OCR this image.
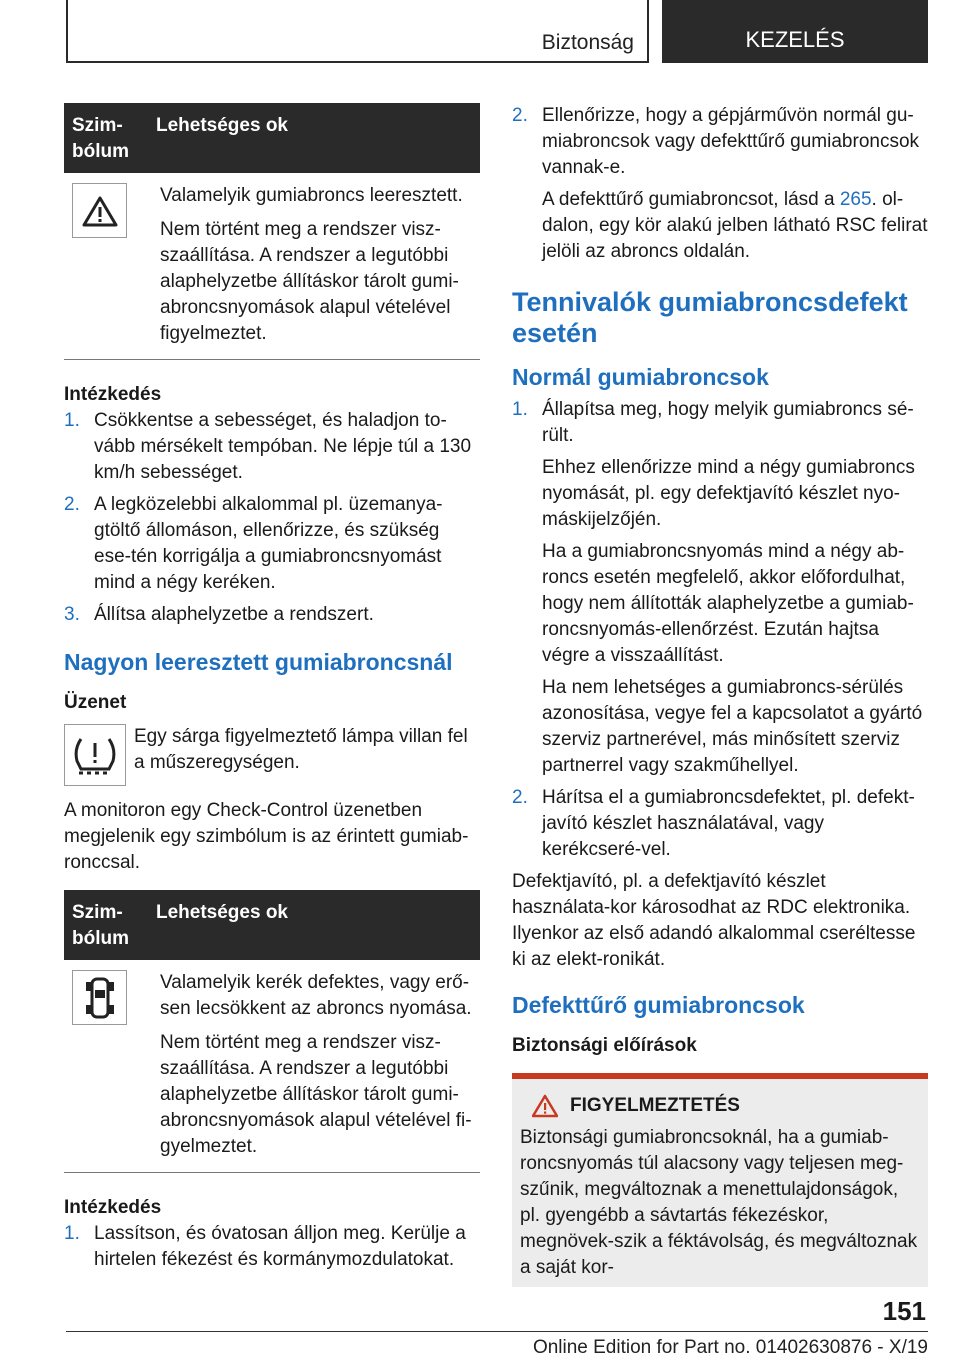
Biztonság	KEZELÉS
Szim-
bólum
Lehetséges ok

Valamelyik gumiabroncs leeresztett.

Nem történt meg a rendszer visz-szaállítása. A rendszer a legutóbbi alaphelyzetbe állításkor tárolt gumi-abroncsnyomások alapul vételével figyelmeztet.

Intézkedés

1. Csökkentse a sebességet, és haladjon to-vább mérsékelt tempóban. Ne lépje túl a 130 km/h sebességet.

2. A legközelebbi alkalommal pl. üzemanya-gtöltő állomáson, ellenőrizze, és szükség ese-tén korrigálja a gumiabroncsnyomást mind a négy keréken.

3. Állítsa alaphelyzetbe a rendszert.

Nagyon leeresztett gumiabroncsnál

Üzenet

Egy sárga figyelmeztető lámpa villan fel a műszeregységen.

A monitoron egy Check-Control üzenetben megjelenik egy szimbólum is az érintett gumiab-ronccsal.

Szim-
bólum
Lehetséges ok

Valamelyik kerék defektes, vagy erő-sen lecsökkent az abroncs nyomása.

Nem történt meg a rendszer visz-szaállítása. A rendszer a legutóbbi alaphelyzetbe állításkor tárolt gumi-abroncsnyomások alapul vételével fi-gyelmeztet.

Intézkedés

1. Lassítson, és óvatosan álljon meg. Kerülje a hirtelen fékezést és kormánymozdulatokat.

2. Ellenőrizze, hogy a gépjárművön normál gu-miabroncsok vagy defekttűrő gumiabroncsok vannak-e.

A defekttűrő gumiabroncsot, lásd a 265. ol-dalon, egy kör alakú jelben látható RSC felirat jelöli az abroncs oldalán.

Tennivalók gumiabroncsdefekt esetén
Normál gumiabroncsok
1. Állapítsa meg, hogy melyik gumiabroncs sé-rült.

Ehhez ellenőrizze mind a négy gumiabroncs nyomását, pl. egy defektjavító készlet nyo-máskijelzőjén.

Ha a gumiabroncsnyomás mind a négy ab-roncs esetén megfelelő, akkor előfordulhat, hogy nem állították alaphelyzetbe a gumiab-roncsnyomás-ellenőrzést. Ezután hajtsa végre a visszaállítást.

Ha nem lehetséges a gumiabroncs-sérülés azonosítása, vegye fel a kapcsolatot a gyártó szerviz partnerével, más minősített szerviz partnerrel vagy szakműhellyel.

2. Hárítsa el a gumiabroncsdefektet, pl. defekt-javító készlet használatával, vagy kerékcseré-vel.

Defektjavító, pl. a defektjavító készlet használata-kor károsodhat az RDC elektronika. Ilyenkor az első adandó alkalommal cseréltesse ki az elekt-ronikát.

Defekttűrő gumiabroncsok

Biztonsági előírások

FIGYELMEZTETÉS

Biztonsági gumiabroncsoknál, ha a gumiab-roncsnyomás túl alacsony vagy teljesen meg-szűnik, megváltoznak a menettulajdonságok, pl. gyengébb a sávtartás fékezéskor, megnövek-szik a féktávolság, és megváltoznak a saját kor-

151
Online Edition for Part no. 01402630876 - X/19
